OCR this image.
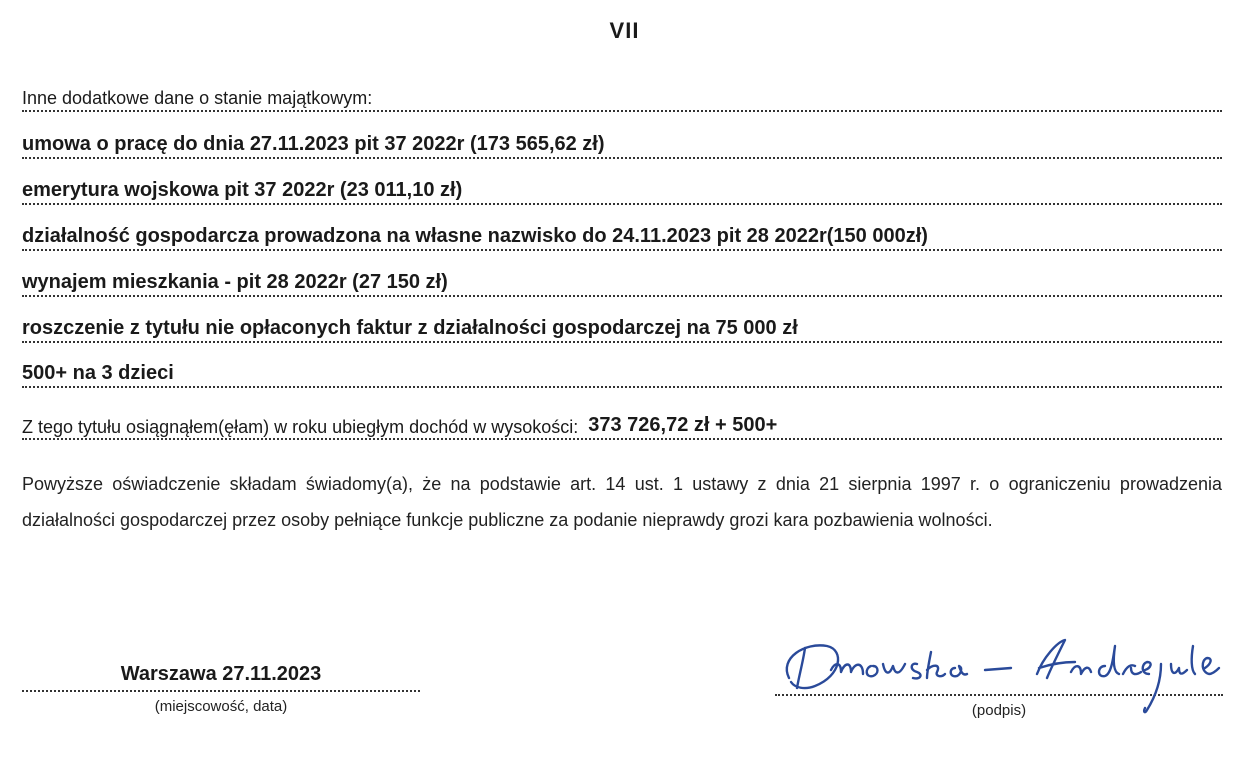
VII
Inne dodatkowe dane o stanie majątkowym:
umowa o pracę do dnia 27.11.2023 pit 37 2022r (173 565,62 zł)
emerytura wojskowa pit 37 2022r (23 011,10 zł)
działalność gospodarcza prowadzona na własne nazwisko do 24.11.2023 pit 28 2022r(150 000zł)
wynajem mieszkania - pit 28 2022r (27 150 zł)
roszczenie z tytułu nie opłaconych faktur z działalności gospodarczej na 75 000 zł
500+ na 3 dzieci
Z tego tytułu osiągnąłem(ęłam) w roku ubiegłym dochód w wysokości: 373 726,72 zł + 500+
Powyższe oświadczenie składam świadomy(a), że na podstawie art. 14 ust. 1 ustawy z dnia 21 sierpnia 1997 r. o ograniczeniu prowadzenia działalności gospodarczej przez osoby pełniące funkcje publiczne za podanie nieprawdy grozi kara pozbawienia wolności.
Warszawa 27.11.2023
(miejscowość, data)	(podpis)
